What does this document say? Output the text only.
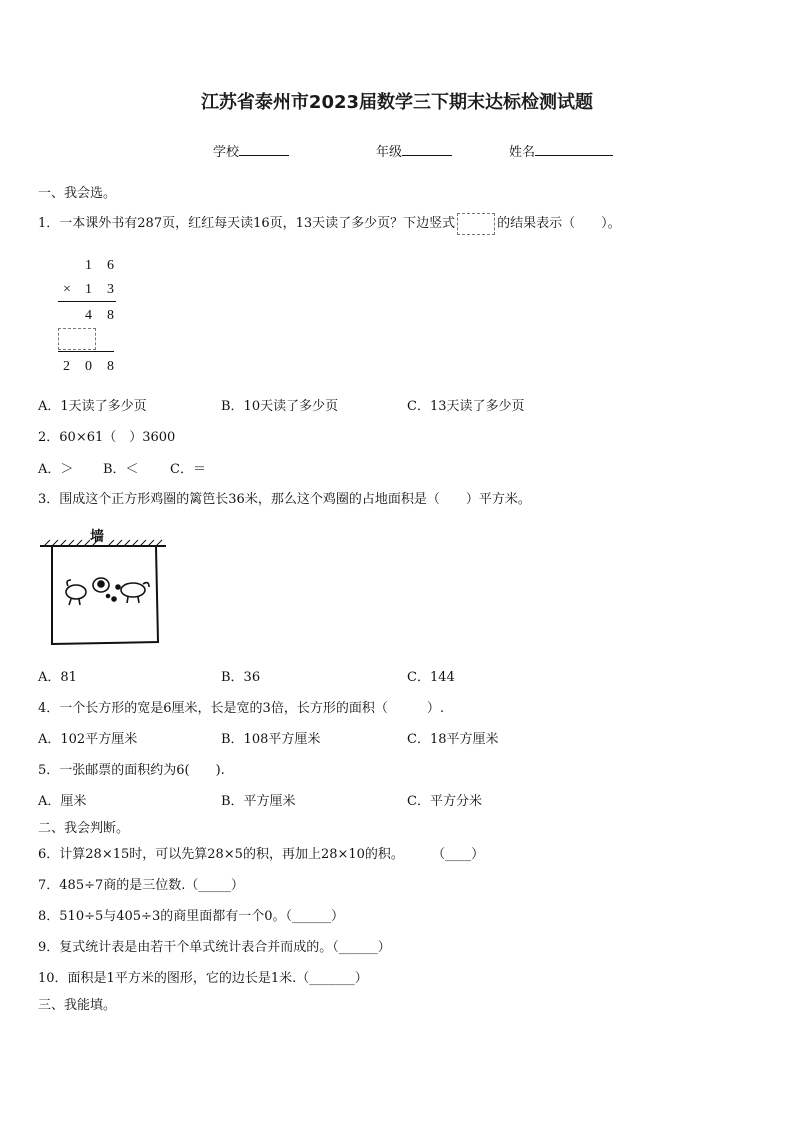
江苏省泰州市2023届数学三下期末达标检测试题
学校	年级	姓名
一、我会选。
1．一本课外书有287页，红红每天读16页，13天读了多少页？下边竖式	的结果表示（　　）。
1 6
× 1 3
4 8
2 0 8
A．1天读了多少页	B．10天读了多少页	C．13天读了多少页
2．60×61（　）3600
A．＞ B．＜ C．＝
3．围成这个正方形鸡圈的篱笆长36米，那么这个鸡圈的占地面积是（　　）平方米。
墙
A．81	B．36	C．144
4．一个长方形的宽是6厘米，长是宽的3倍，长方形的面积（　　　）.
A．102平方厘米	B．108平方厘米	C．18平方厘米
5．一张邮票的面积约为6(　　).
A．厘米	B．平方厘米	C．平方分米
二、我会判断。
6．计算28×15时，可以先算28×5的积，再加上28×10的积。 （____）
7．485÷7商的是三位数.（_____）
8．510÷5与405÷3的商里面都有一个0。（______）
9．复式统计表是由若干个单式统计表合并而成的。（______）
10．面积是1平方米的图形，它的边长是1米.（_______）
三、我能填。
